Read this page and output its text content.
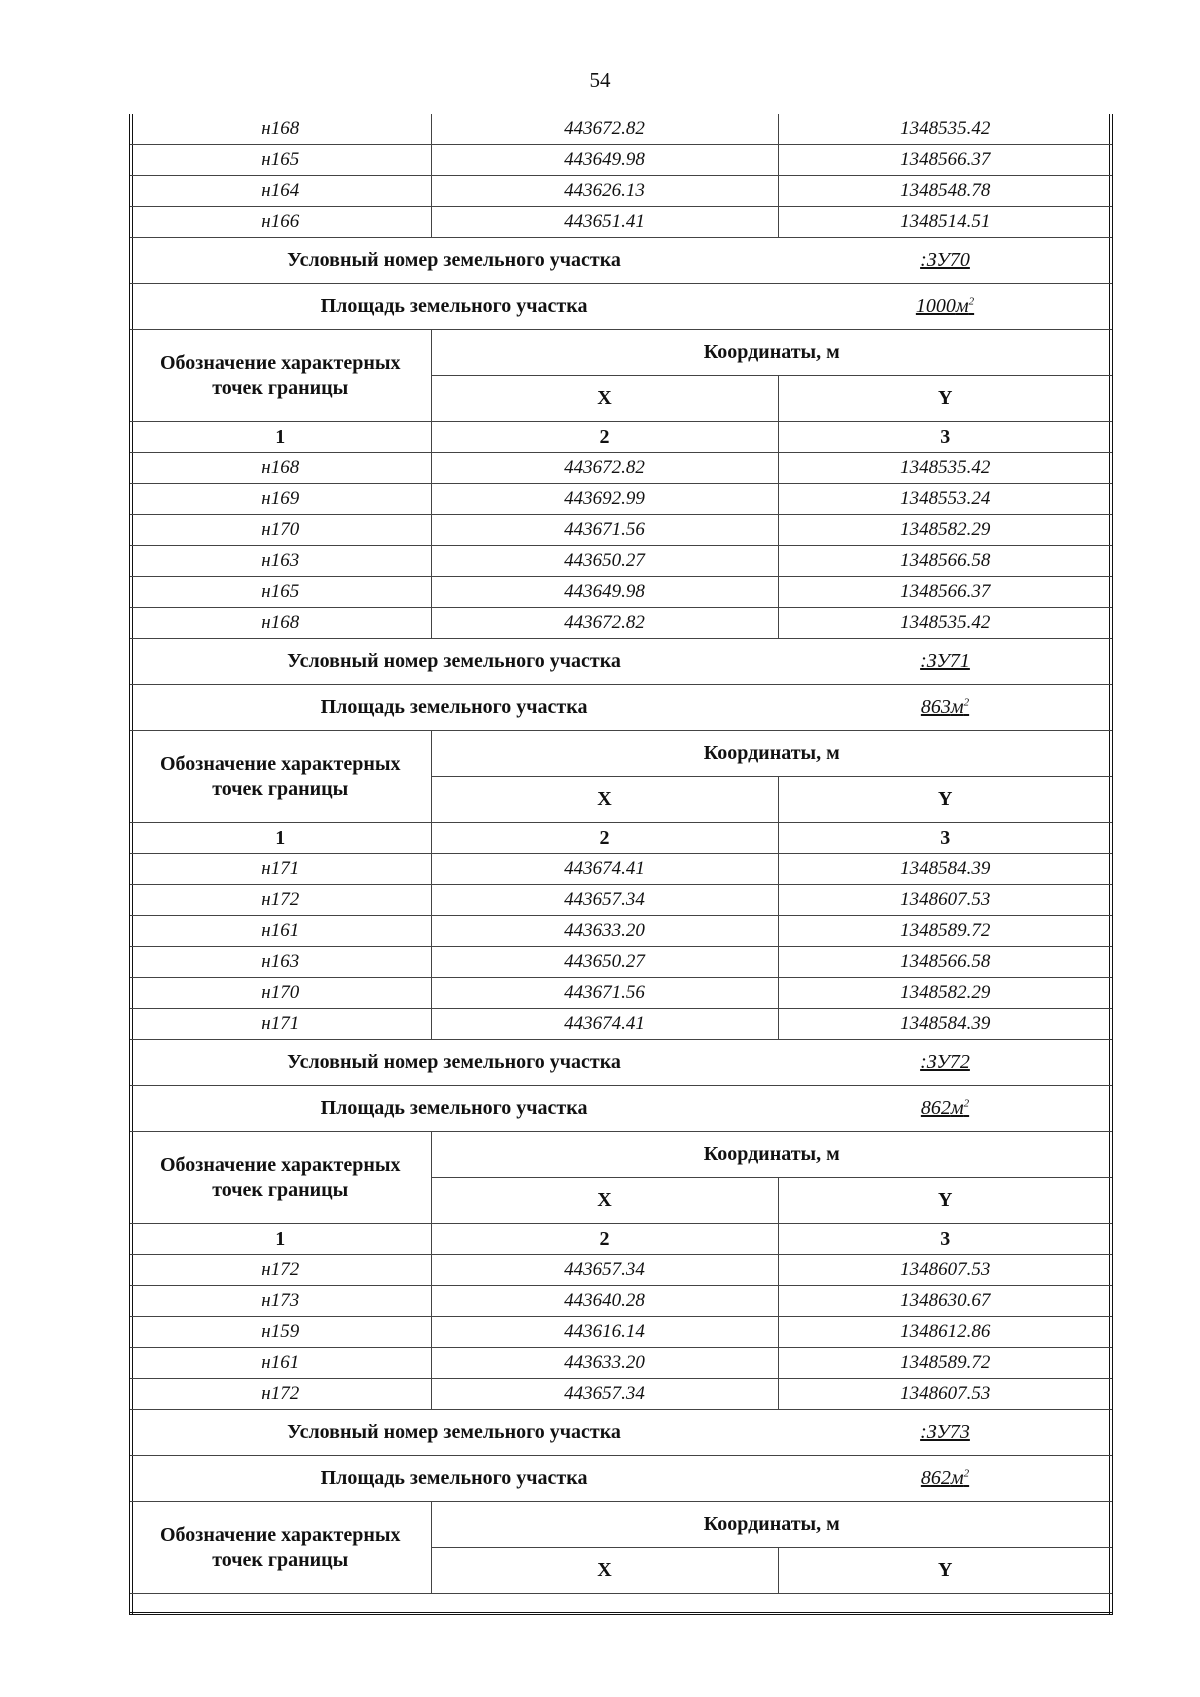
54
н168	443672.82	1348535.42
н165	443649.98	1348566.37
н164	443626.13	1348548.78
н166	443651.41	1348514.51
Условный номер земельного участка		:ЗУ70
Площадь земельного участка		$1000м^2$

Обозначение характерных
точек границы	Координаты, м	
	X	Y
1	2	3
н168	443672.82	1348535.42
н169	443692.99	1348553.24
н170	443671.56	1348582.29
н163	443650.27	1348566.58
н165	443649.98	1348566.37
н168	443672.82	1348535.42
Условный номер земельного участка		:ЗУ71
Площадь земельного участка		$863м^2$

Обозначение характерных
точек границы	Координаты, м	
	X	Y
1	2	3
н171	443674.41	1348584.39
н172	443657.34	1348607.53
н161	443633.20	1348589.72
н163	443650.27	1348566.58
н170	443671.56	1348582.29
н171	443674.41	1348584.39
Условный номер земельного участка		:ЗУ72
Площадь земельного участка		$862м^2$

Обозначение характерных
точек границы	Координаты, м	
	X	Y
1	2	3
н172	443657.34	1348607.53
н173	443640.28	1348630.67
н159	443616.14	1348612.86
н161	443633.20	1348589.72
н172	443657.34	1348607.53
Условный номер земельного участка		:ЗУ73
Площадь земельного участка		$862м^2$

Обозначение характерных
точек границы	Координаты, м	
	X	Y
